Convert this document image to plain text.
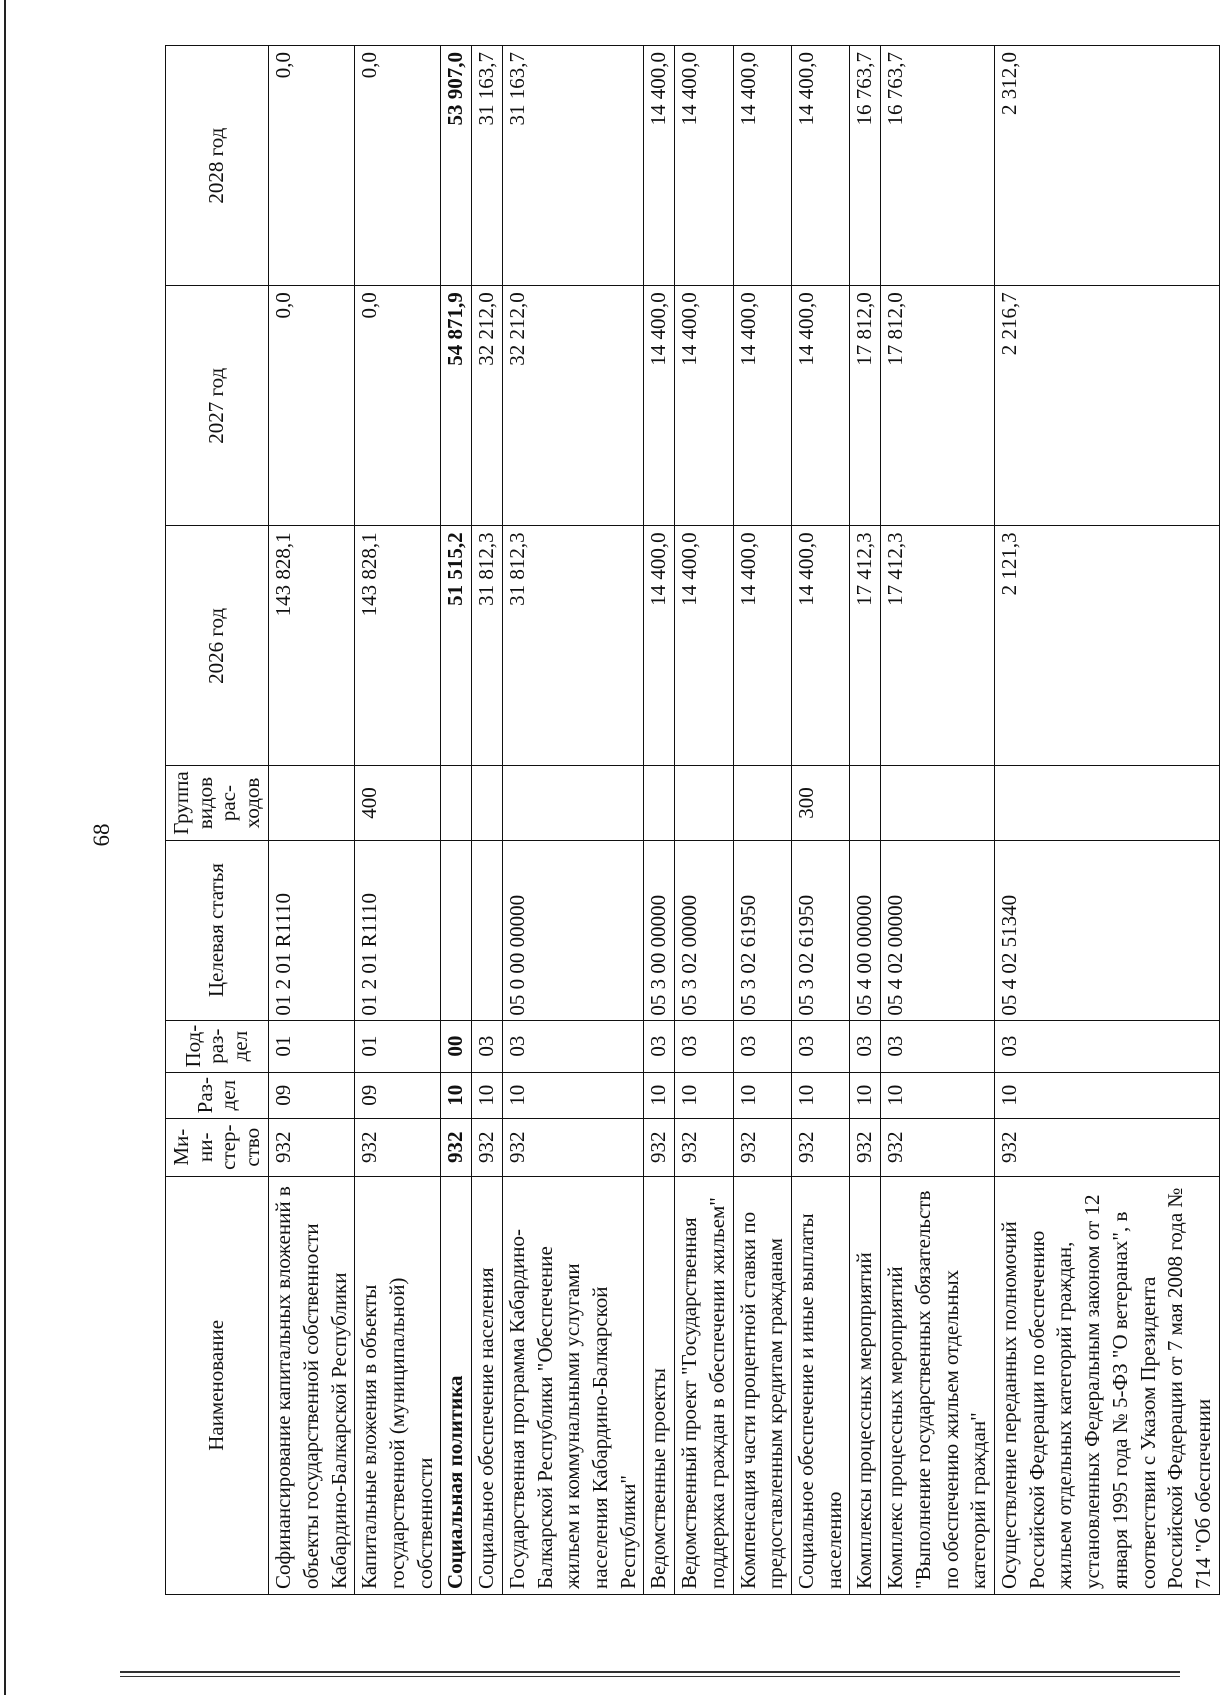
68
Наименование	Ми-ни-стер-ство	Раз-дел	Под-раз-дел	Целевая статья	Группа видов рас-ходов	2026 год	2027 год	2028 год
Софинансирование капитальных вложений в объекты государственной собственности Кабардино-Балкарской Республики	932	09	01	01 2 01 R1110		143 828,1	0,0	0,0
Капитальные вложения в объекты государственной (муниципальной) собственности	932	09	01	01 2 01 R1110	400	143 828,1	0,0	0,0
Социальная политика	932	10	00			51 515,2	54 871,9	53 907,0
Социальное обеспечение населения	932	10	03			31 812,3	32 212,0	31 163,7
Государственная программа Кабардино-Балкарской Республики "Обеспечение жильем и коммунальными услугами населения Кабардино-Балкарской Республики"	932	10	03	05 0 00 00000		31 812,3	32 212,0	31 163,7
Ведомственные проекты	932	10	03	05 3 00 00000		14 400,0	14 400,0	14 400,0
Ведомственный проект "Государственная поддержка граждан в обеспечении жильем"	932	10	03	05 3 02 00000		14 400,0	14 400,0	14 400,0
Компенсация части процентной ставки по предоставленным кредитам гражданам	932	10	03	05 3 02 61950		14 400,0	14 400,0	14 400,0
Социальное обеспечение и иные выплаты населению	932	10	03	05 3 02 61950	300	14 400,0	14 400,0	14 400,0
Комплексы процессных мероприятий	932	10	03	05 4 00 00000		17 412,3	17 812,0	16 763,7
Комплекс процессных мероприятий "Выполнение государственных обязательств по обеспечению жильем отдельных категорий граждан"	932	10	03	05 4 02 00000		17 412,3	17 812,0	16 763,7
Осуществление переданных полномочий Российской Федерации по обеспечению жильем отдельных категорий граждан, установленных Федеральным законом от 12 января 1995 года № 5-ФЗ "О ветеранах", в соответствии с Указом Президента Российской Федерации от 7 мая 2008 года № 714 "Об обеспечении	932	10	03	05 4 02 51340		2 121,3	2 216,7	2 312,0
